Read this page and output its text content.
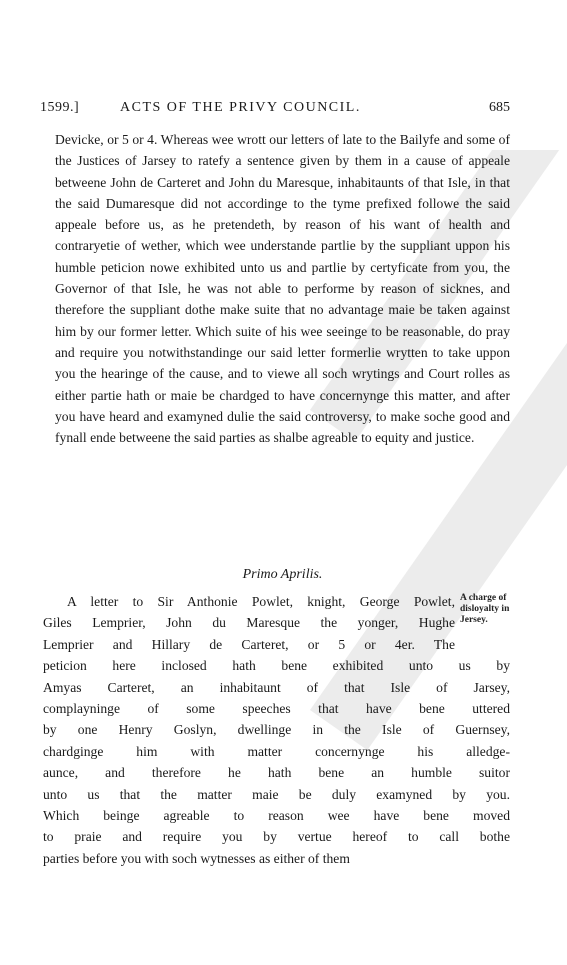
1599.]	ACTS OF THE PRIVY COUNCIL.	685

Devicke, or 5 or 4. Whereas wee wrott our letters of late to the Bailyfe and some of the Justices of Jarsey to ratefy a sentence given by them in a cause of appeale betweene John de Carteret and John du Maresque, inhabitaunts of that Isle, in that the said Dumaresque did not accordinge to the tyme prefixed followe the said appeale before us, as he pretendeth, by reason of his want of health and contraryetie of wether, which wee understande partlie by the suppliant uppon his humble peticion nowe exhibited unto us and partlie by certyficate from you, the Governor of that Isle, he was not able to performe by reason of sicknes, and therefore the suppliant dothe make suite that no advantage maie be taken against him by our former letter. Which suite of his wee seeinge to be reasonable, do pray and require you notwithstandinge our said letter formerlie wrytten to take uppon you the hearinge of the cause, and to viewe all soch wrytings and Court rolles as either partie hath or maie be chardged to have concernynge this matter, and after you have heard and examyned dulie the said controversy, to make soche good and fynall ende betweene the said parties as shalbe agreable to equity and justice.

Primo Aprilis.

A letter to Sir Anthonie Powlet, knight, George Powlet,
Giles Lemprier, John du Maresque the yonger, Hughe
Lemprier and Hillary de Carteret, or 5 or 4er. The
peticion here inclosed hath bene exhibited unto us by
Amyas Carteret, an inhabitaunt of that Isle of Jarsey,
complayninge of some speeches that have bene uttered
by one Henry Goslyn, dwellinge in the Isle of Guernsey,
chardginge him with matter concernynge his alledge-
aunce, and therefore he hath bene an humble suitor
unto us that the matter maie be duly examyned by you.
Which beinge agreable to reason wee have bene moved
to praie and require you by vertue hereof to call bothe
parties before you with soch wytnesses as either of them

A charge of disloyalty in Jersey.
